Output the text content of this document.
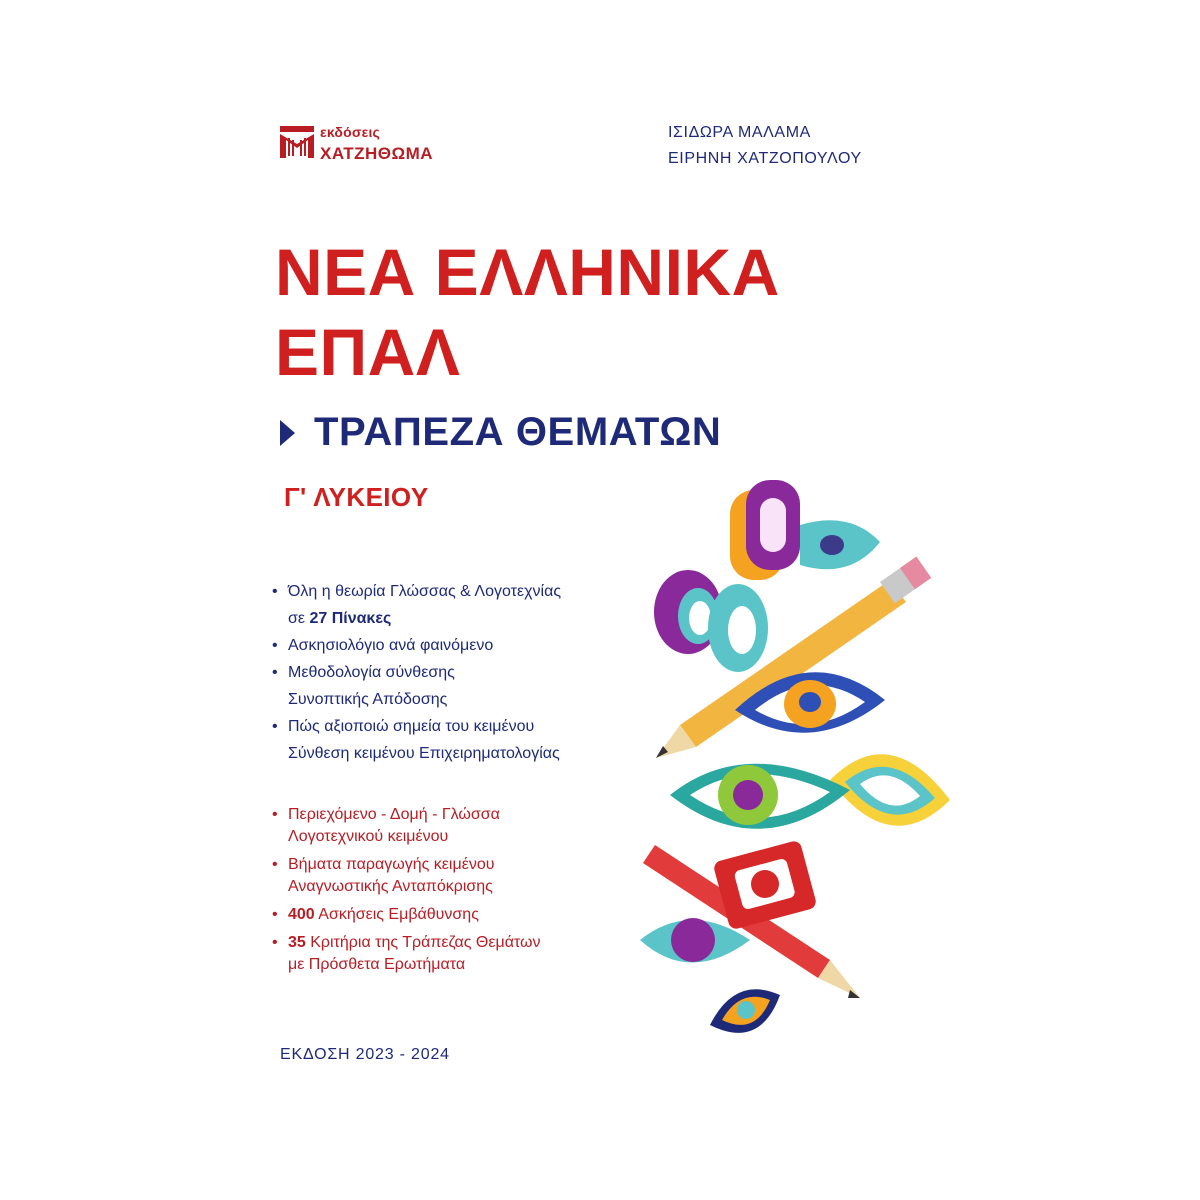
εκδόσεις
ΧΑΤΖΗΘΩΜΑ
ΙΣΙΔΩΡΑ ΜΑΛΑΜΑ
ΕΙΡΗΝΗ ΧΑΤΖΟΠΟΥΛΟΥ
ΝΕΑ ΕΛΛΗΝΙΚΑ
ΕΠΑΛ
ΤΡΑΠΕΖΑ ΘΕΜΑΤΩΝ
Γ' ΛΥΚΕΙΟΥ
• Όλη η θεωρία Γλώσσας & Λογοτεχνίας
σε 27 Πίνακες
• Ασκησιολόγιο ανά φαινόμενο
• Μεθοδολογία σύνθεσης
Συνοπτικής Απόδοσης
• Πώς αξιοποιώ σημεία του κειμένου
Σύνθεση κειμένου Επιχειρηματολογίας
• Περιεχόμενο - Δομή - Γλώσσα
Λογοτεχνικού κειμένου
• Βήματα παραγωγής κειμένου
Αναγνωστικής Ανταπόκρισης
• 400 Ασκήσεις Εμβάθυνσης
• 35 Κριτήρια της Τράπεζας Θεμάτων
με Πρόσθετα Ερωτήματα
ΕΚΔΟΣΗ 2023 - 2024
